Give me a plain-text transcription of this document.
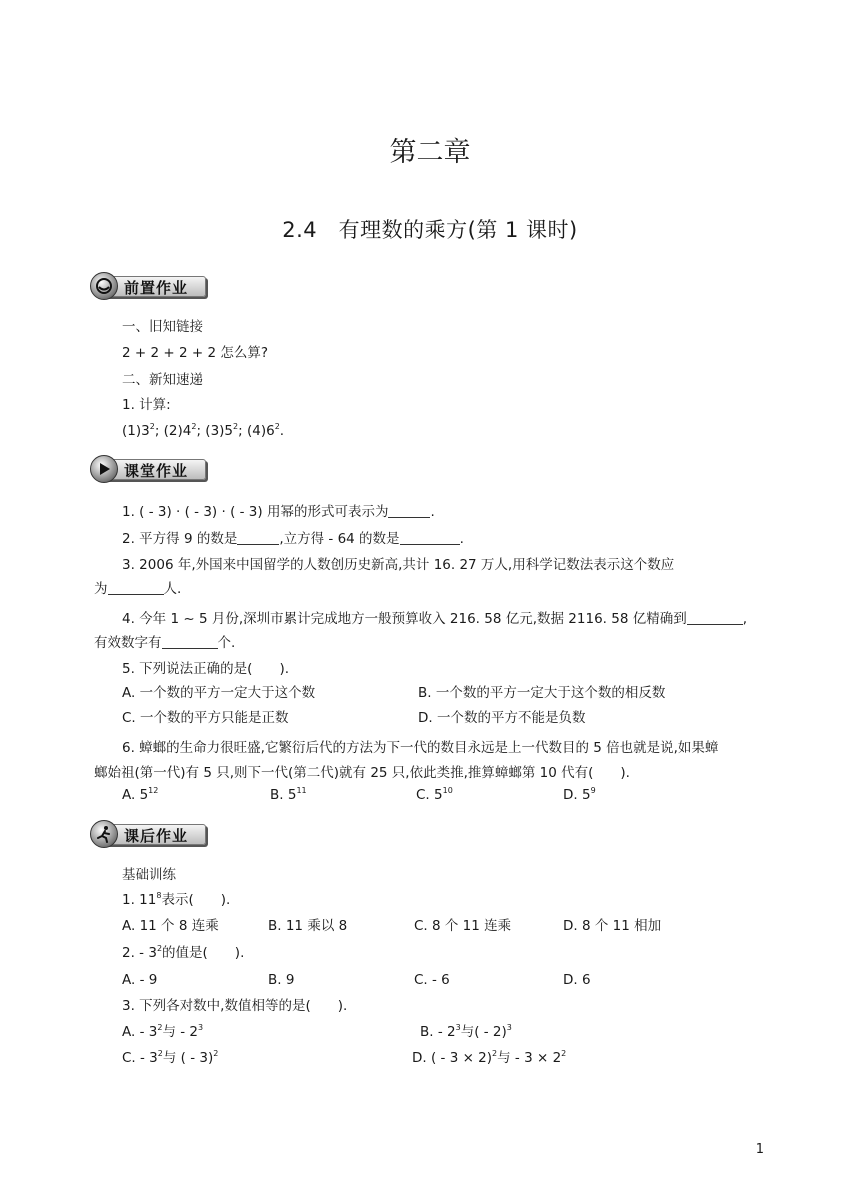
第二章
2.4　有理数的乘方(第 1 课时)
前置作业
一、旧知链接
2 + 2 + 2 + 2 怎么算?
二、新知速递
1. 计算:
$(1)3^2$; $(2)4^2$; $(3)5^2$; $(4)6^2$.
课堂作业
1. ( - 3) · ( - 3) · ( - 3) 用幂的形式可表示为	.
2. 平方得 9 的数是	,立方得 - 64 的数是	.
3. 2006 年,外国来中国留学的人数创历史新高,共计 16. 27 万人,用科学记数法表示这个数应
为	人.
4. 今年 1 ~ 5 月份,深圳市累计完成地方一般预算收入 216. 58 亿元,数据 2116. 58 亿精确到	,
有效数字有	个.
5. 下列说法正确的是(　　).
A. 一个数的平方一定大于这个数	B. 一个数的平方一定大于这个数的相反数
C. 一个数的平方只能是正数	D. 一个数的平方不能是负数
6. 蟑螂的生命力很旺盛,它繁衍后代的方法为下一代的数目永远是上一代数目的 5 倍也就是说,如果蟑
螂始祖(第一代)有 5 只,则下一代(第二代)就有 25 只,依此类推,推算蟑螂第 10 代有(　　).
A. $5^{12}$	B. $5^{11}$	C. $5^{10}$	D. $5^9$
课后作业
基础训练
1. $11^8$表示(　　).
A. 11 个 8 连乘	B. 11 乘以 8	C. 8 个 11 连乘	D. 8 个 11 相加
2. - $3^2$的值是(　　).
A. - 9	B. 9	C. - 6	D. 6
3. 下列各对数中,数值相等的是(　　).
A. - $3^2$与 - $2^3$	B. - $2^3$与( - 2)$^3$
C. - $3^2$与 ( - 3)$^2$	D. ( - 3 × 2)$^2$与 - $3 \times 2^2$
1
